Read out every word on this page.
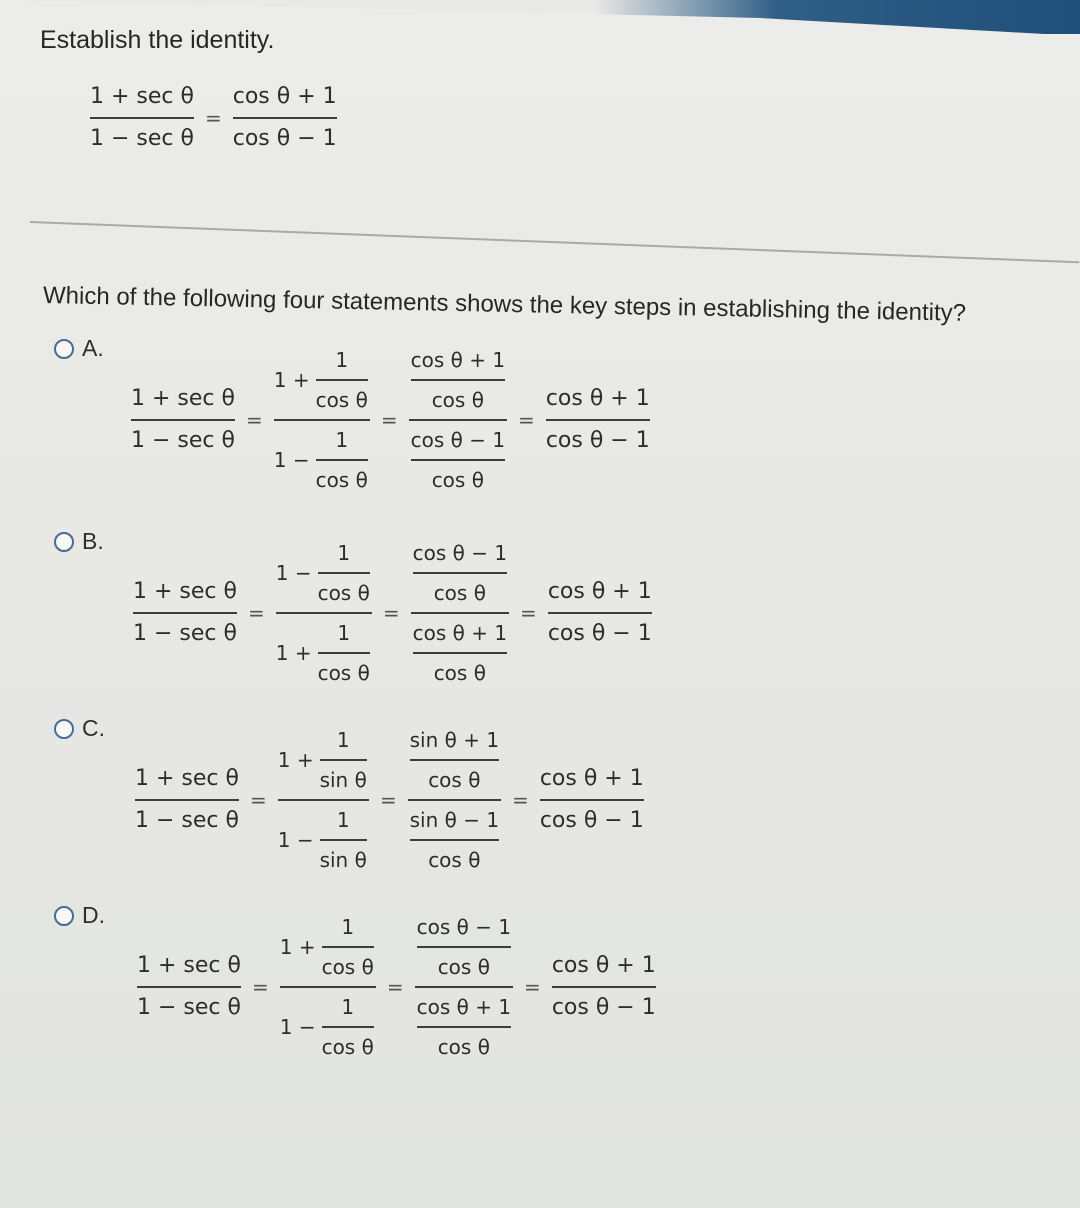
Establish the identity.
$\frac{\text{1 + sec θ}}{\text{1 − sec θ}} = \frac{\text{cos θ + 1}}{\text{cos θ − 1}}$
Which of the following four statements shows the key steps in establishing the identity?
A.
$\frac{\text{1 + sec θ}}{\text{1 − sec θ}} = \frac{1 + \frac{1}{\text{cos θ}}}{1 - \frac{1}{\text{cos θ}}} = \frac{\frac{\text{cos θ + 1}}{\text{cos θ}}}{\frac{\text{cos θ − 1}}{\text{cos θ}}} = \frac{\text{cos θ + 1}}{\text{cos θ − 1}}$
B.
$\frac{\text{1 + sec θ}}{\text{1 − sec θ}} = \frac{1 - \frac{1}{\text{cos θ}}}{1 + \frac{1}{\text{cos θ}}} = \frac{\frac{\text{cos θ − 1}}{\text{cos θ}}}{\frac{\text{cos θ + 1}}{\text{cos θ}}} = \frac{\text{cos θ + 1}}{\text{cos θ − 1}}$
C.
$\frac{\text{1 + sec θ}}{\text{1 − sec θ}} = \frac{1 + \frac{1}{\text{sin θ}}}{1 - \frac{1}{\text{sin θ}}} = \frac{\frac{\text{sin θ + 1}}{\text{cos θ}}}{\frac{\text{sin θ − 1}}{\text{cos θ}}} = \frac{\text{cos θ + 1}}{\text{cos θ − 1}}$
D.
$\frac{\text{1 + sec θ}}{\text{1 − sec θ}} = \frac{1 + \frac{1}{\text{cos θ}}}{1 - \frac{1}{\text{cos θ}}} = \frac{\frac{\text{cos θ − 1}}{\text{cos θ}}}{\frac{\text{cos θ + 1}}{\text{cos θ}}} = \frac{\text{cos θ + 1}}{\text{cos θ − 1}}$
